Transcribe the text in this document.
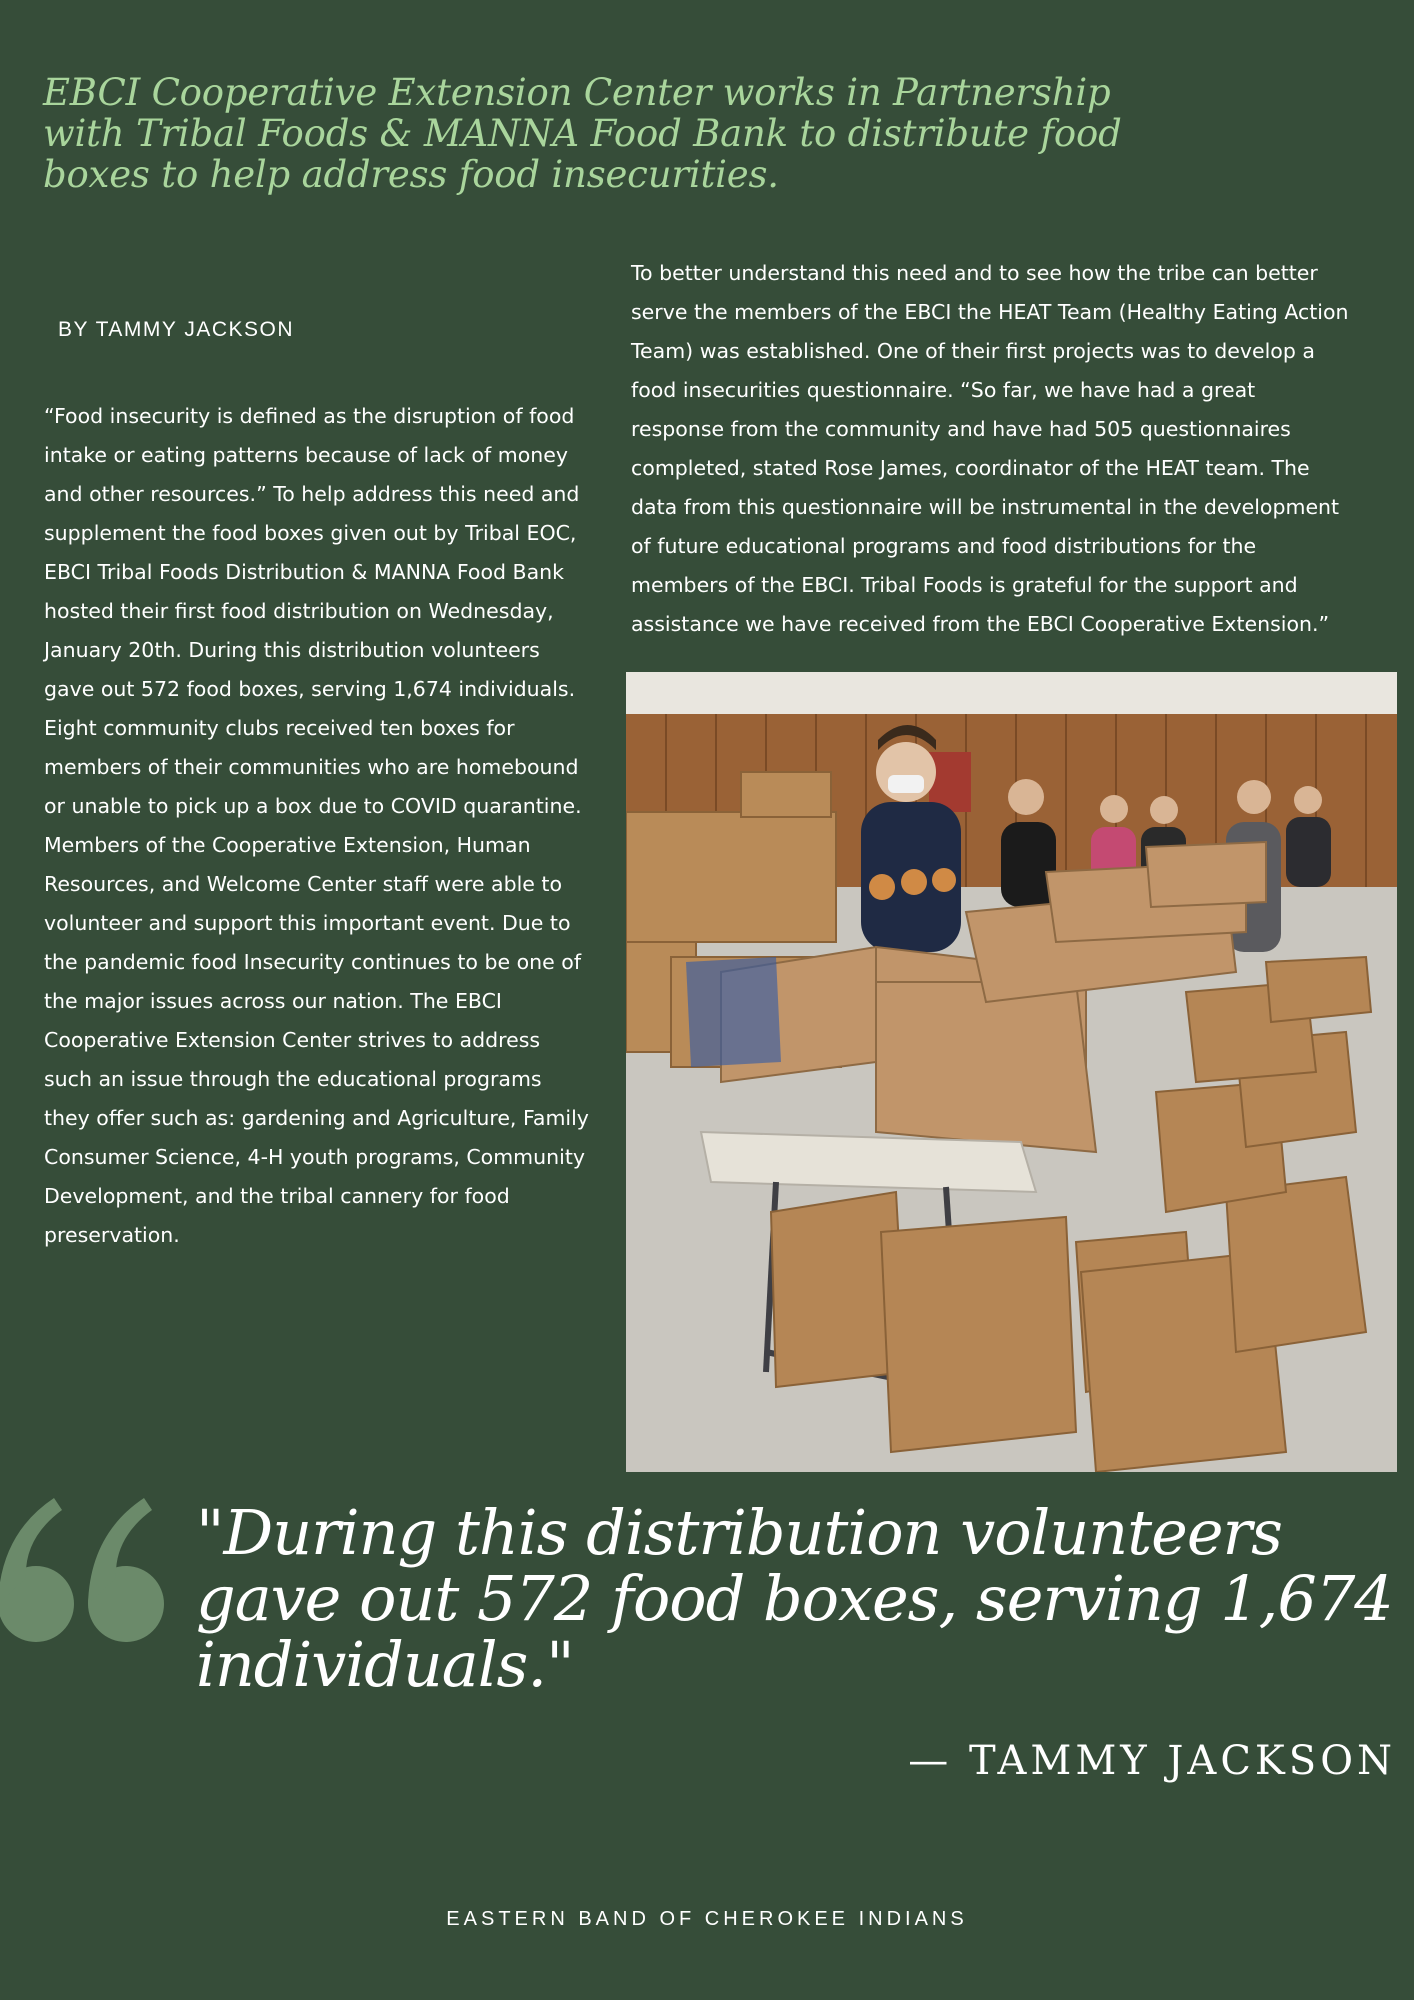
EBCI Cooperative Extension Center works in Partnership with Tribal Foods & MANNA Food Bank to distribute food boxes to help address food insecurities.

BY TAMMY JACKSON

“Food insecurity is defined as the disruption of food
intake or eating patterns because of lack of money
and other resources.” To help address this need and
supplement the food boxes given out by Tribal EOC,
EBCI Tribal Foods Distribution & MANNA Food Bank
hosted their first food distribution on Wednesday,
January 20th. During this distribution volunteers
gave out 572 food boxes, serving 1,674 individuals.
Eight community clubs received ten boxes for
members of their communities who are homebound
or unable to pick up a box due to COVID quarantine.
Members of the Cooperative Extension, Human
Resources, and Welcome Center staff were able to
volunteer and support this important event. Due to
the pandemic food Insecurity continues to be one of
the major issues across our nation. The EBCI
Cooperative Extension Center strives to address
such an issue through the educational programs
they offer such as: gardening and Agriculture, Family
Consumer Science, 4-H youth programs, Community
Development, and the tribal cannery for food
preservation.

To better understand this need and to see how the tribe can better
serve the members of the EBCI the HEAT Team (Healthy Eating Action
Team) was established. One of their first projects was to develop a
food insecurities questionnaire. “So far, we have had a great
response from the community and have had 505 questionnaires
completed, stated Rose James, coordinator of the HEAT team. The
data from this questionnaire will be instrumental in the development
of future educational programs and food distributions for the
members of the EBCI. Tribal Foods is grateful for the support and
assistance we have received from the EBCI Cooperative Extension.”

"During this distribution volunteers gave out 572 food boxes, serving 1,674 individuals."

— TAMMY JACKSON

EASTERN BAND OF CHEROKEE INDIANS
